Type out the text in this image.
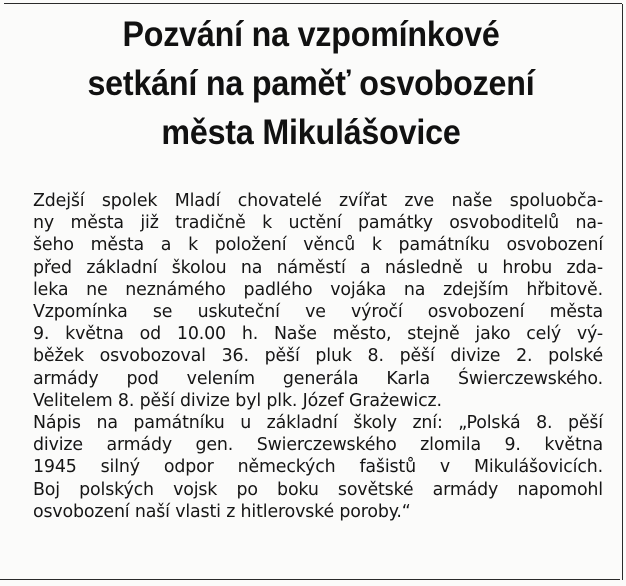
Pozvání na vzpomínkové
setkání na paměť osvobození
města Mikulášovice

Zdejší spolek Mladí chovatelé zvířat zve naše spoluobča-
ny města již tradičně k uctění památky osvoboditelů na-
šeho města a k položení věnců k památníku osvobození
před základní školou na náměstí a následně u hrobu zda-
leka ne neznámého padlého vojáka na zdejším hřbitově.
Vzpomínka se uskuteční ve výročí osvobození města
9. května od 10.00 h. Naše město, stejně jako celý vý-
běžek osvobozoval 36. pěší pluk 8. pěší divize 2. polské
armády pod velením generála Karla Świerczewského.
Velitelem 8. pěší divize byl plk. Józef Grażewicz.
Nápis na památníku u základní školy zní: „Polská 8. pěší
divize armády gen. Swierczewského zlomila 9. května
1945 silný odpor německých fašistů v Mikulášovicích.
Boj polských vojsk po boku sovětské armády napomohl
osvobození naší vlasti z hitlerovské poroby.“
